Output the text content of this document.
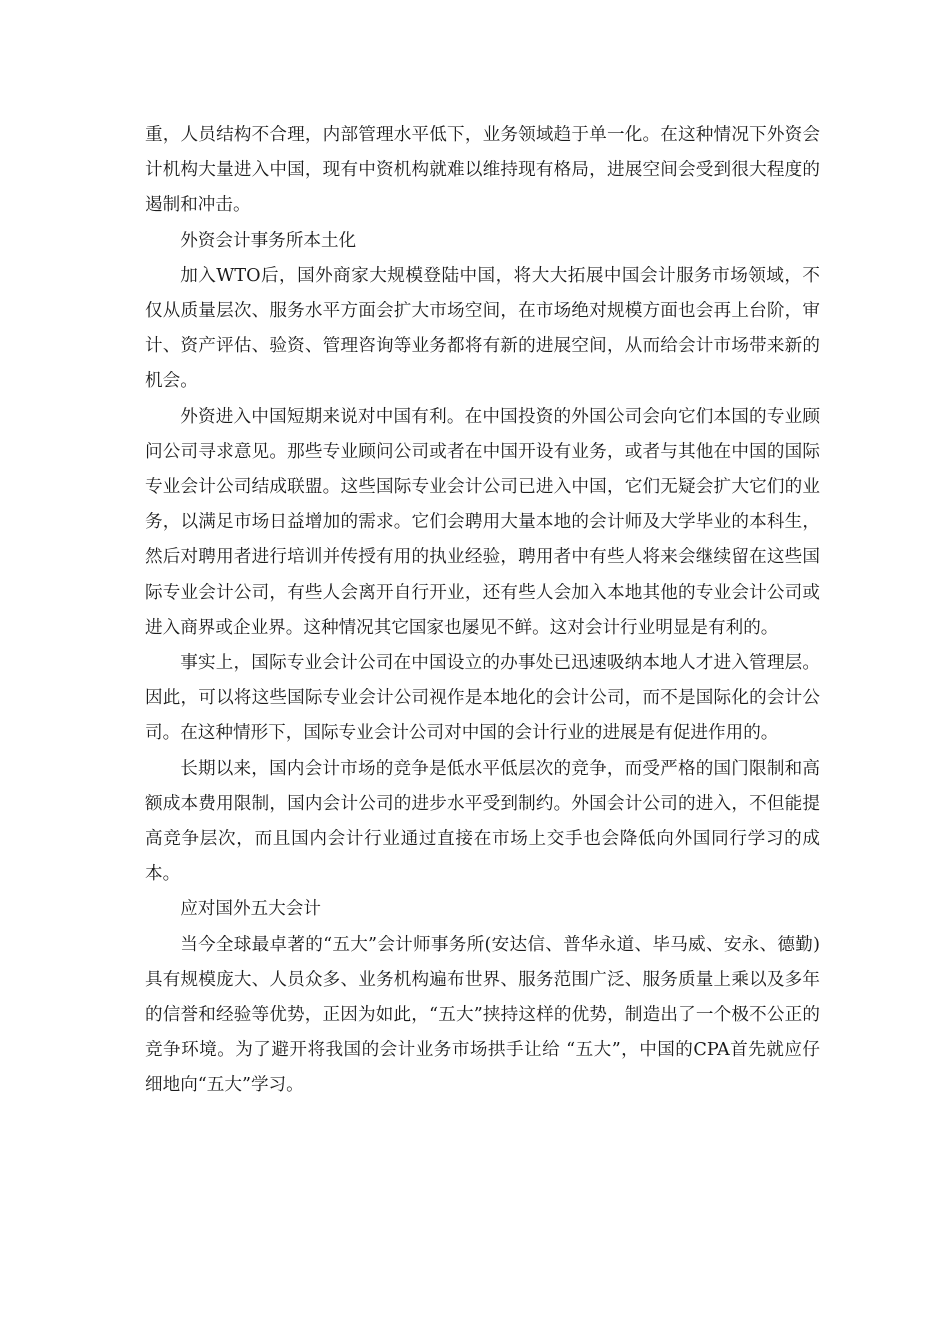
重，人员结构不合理，内部管理水平低下，业务领域趋于单一化。在这种情况下外资会计机构大量进入中国，现有中资机构就难以维持现有格局，进展空间会受到很大程度的遏制和冲击。

外资会计事务所本土化

加入WTO后，国外商家大规模登陆中国，将大大拓展中国会计服务市场领域，不仅从质量层次、服务水平方面会扩大市场空间，在市场绝对规模方面也会再上台阶，审计、资产评估、验资、管理咨询等业务都将有新的进展空间，从而给会计市场带来新的机会。

外资进入中国短期来说对中国有利。在中国投资的外国公司会向它们本国的专业顾问公司寻求意见。那些专业顾问公司或者在中国开设有业务，或者与其他在中国的国际专业会计公司结成联盟。这些国际专业会计公司已进入中国，它们无疑会扩大它们的业务，以满足市场日益增加的需求。它们会聘用大量本地的会计师及大学毕业的本科生，然后对聘用者进行培训并传授有用的执业经验，聘用者中有些人将来会继续留在这些国际专业会计公司，有些人会离开自行开业，还有些人会加入本地其他的专业会计公司或进入商界或企业界。这种情况其它国家也屡见不鲜。这对会计行业明显是有利的。

事实上，国际专业会计公司在中国设立的办事处已迅速吸纳本地人才进入管理层。因此，可以将这些国际专业会计公司视作是本地化的会计公司，而不是国际化的会计公司。在这种情形下，国际专业会计公司对中国的会计行业的进展是有促进作用的。

长期以来，国内会计市场的竞争是低水平低层次的竞争，而受严格的国门限制和高额成本费用限制，国内会计公司的进步水平受到制约。外国会计公司的进入，不但能提高竞争层次，而且国内会计行业通过直接在市场上交手也会降低向外国同行学习的成本。

应对国外五大会计

当今全球最卓著的“五大”会计师事务所(安达信、普华永道、毕马威、安永、德勤)具有规模庞大、人员众多、业务机构遍布世界、服务范围广泛、服务质量上乘以及多年的信誉和经验等优势，正因为如此，“五大”挟持这样的优势，制造出了一个极不公正的竞争环境。为了避开将我国的会计业务市场拱手让给 “五大”，中国的CPA首先就应仔细地向“五大”学习。
